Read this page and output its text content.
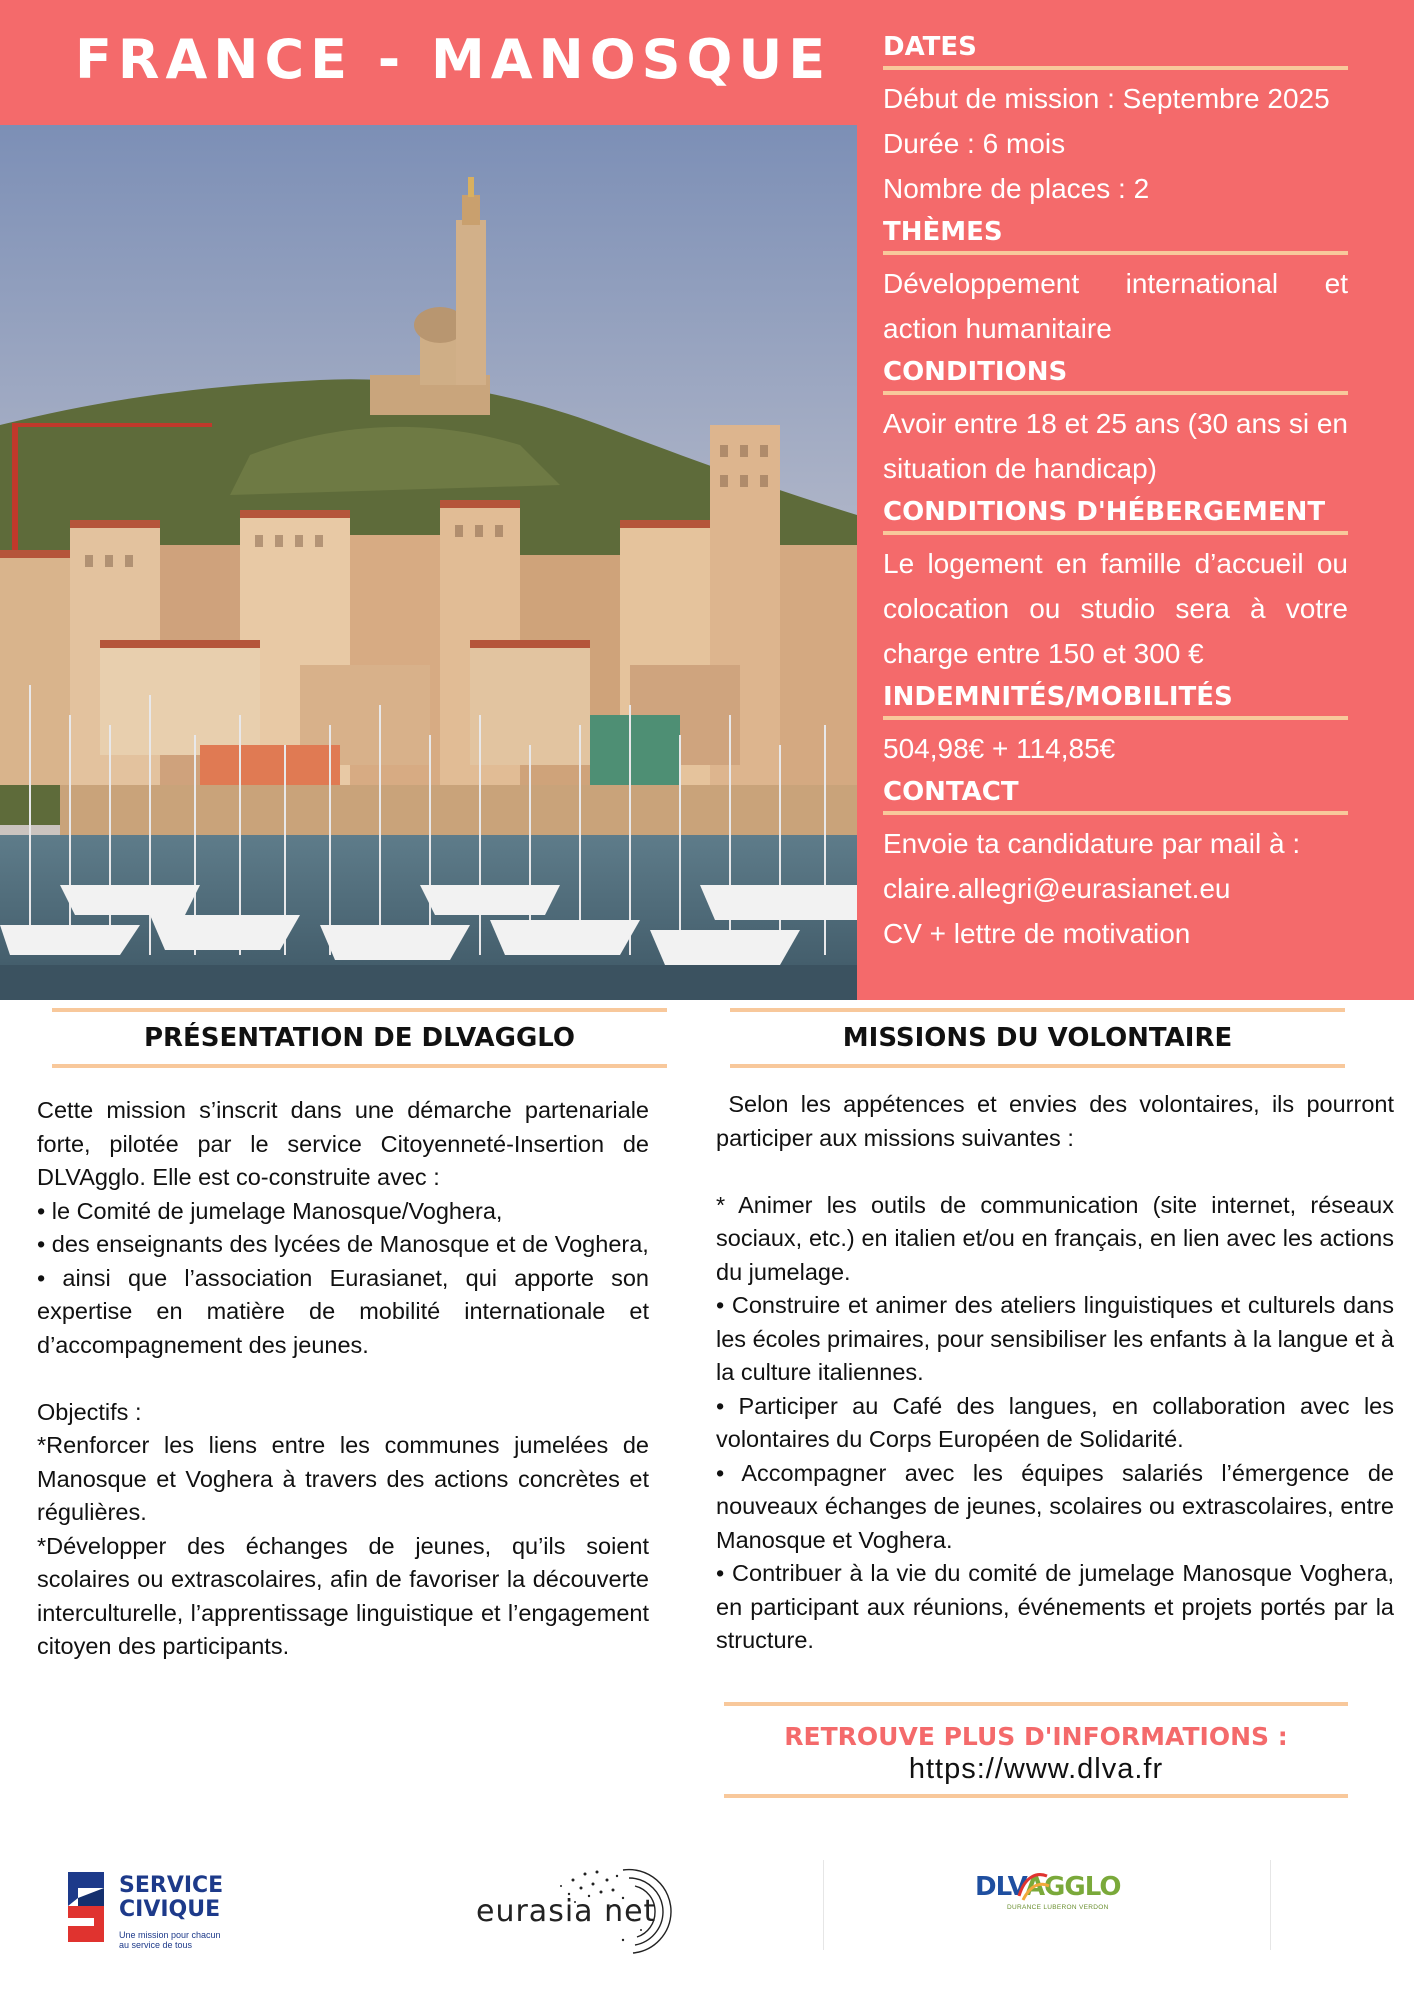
FRANCE - MANOSQUE DATES
Début de mission : Septembre 2025
Durée : 6 mois
Nombre de places : 2
THÈMES
Développement international et action humanitaire
CONDITIONS
Avoir entre 18 et 25 ans (30 ans si en situation de handicap)
CONDITIONS D'HÉBERGEMENT
Le logement en famille d’accueil ou colocation ou studio sera à votre charge entre 150 et 300 €
INDEMNITÉS/MOBILITÉS
504,98€ + 114,85€
CONTACT
Envoie ta candidature par mail à :
claire.allegri@eurasianet.eu
CV + lettre de motivation
PRÉSENTATION DE DLVAGGLO	MISSIONS DU VOLONTAIRE

Cette mission s’inscrit dans une démarche partenariale forte, pilotée par le service Citoyenneté-Insertion de DLVAgglo. Elle est co-construite avec :

• le Comité de jumelage Manosque/Voghera,

• des enseignants des lycées de Manosque et de Voghera,

• ainsi que l’association Eurasianet, qui apporte son expertise en matière de mobilité internationale et d’accompagnement des jeunes.

Objectifs :

*Renforcer les liens entre les communes jumelées de Manosque et Voghera à travers des actions concrètes et régulières.

*Développer des échanges de jeunes, qu’ils soient scolaires ou extrascolaires, afin de favoriser la découverte interculturelle, l’apprentissage linguistique et l’engagement citoyen des participants.

Selon les appétences et envies des volontaires, ils pourront participer aux missions suivantes :

* Animer les outils de communication (site internet, réseaux sociaux, etc.) en italien et/ou en français, en lien avec les actions du jumelage.

• Construire et animer des ateliers linguistiques et culturels dans les écoles primaires, pour sensibiliser les enfants à la langue et à la culture italiennes.

• Participer au Café des langues, en collaboration avec les volontaires du Corps Européen de Solidarité.

• Accompagner avec les équipes salariés l’émergence de nouveaux échanges de jeunes, scolaires ou extrascolaires, entre Manosque et Voghera.

• Contribuer à la vie du comité de jumelage Manosque Voghera, en participant aux réunions, événements et projets portés par la structure.

RETROUVE PLUS D'INFORMATIONS :
https://www.dlva.fr
SERVICE
CIVIQUE
Une mission pour chacun au service de tous
eurasia net
DLVAGGLO
DURANCE LUBERON VERDON
